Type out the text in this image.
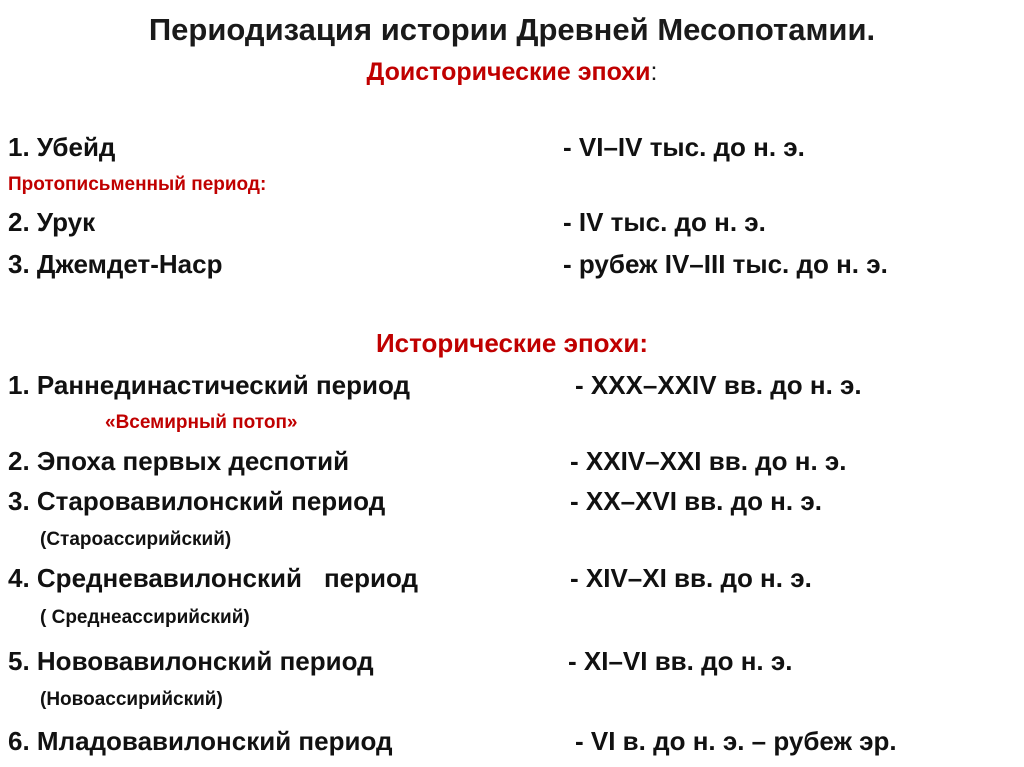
Периодизация истории Древней Месопотамии.
Доисторические эпохи:
1. Убейд	- VI–IV тыс. до н. э.
Протописьменный период:
2. Урук	- IV тыс. до н. э.
3. Джемдет-Наср	- рубеж IV–III тыс. до н. э.
Исторические эпохи:
1. Раннединастический период	- XXX–XXIV вв. до н. э.
«Всемирный потоп»
2. Эпоха первых деспотий	- XXIV–XXI вв. до н. э.
3. Старовавилонский период	- XX–XVI вв. до н. э.
(Староассирийский)
4. Средневавилонский период	- XIV–XI вв. до н. э.
( Среднеассирийский)
5. Нововавилонский период	- XI–VI вв. до н. э.
(Новоассирийский)
6. Младовавилонский период	- VI в. до н. э. – рубеж эр.
